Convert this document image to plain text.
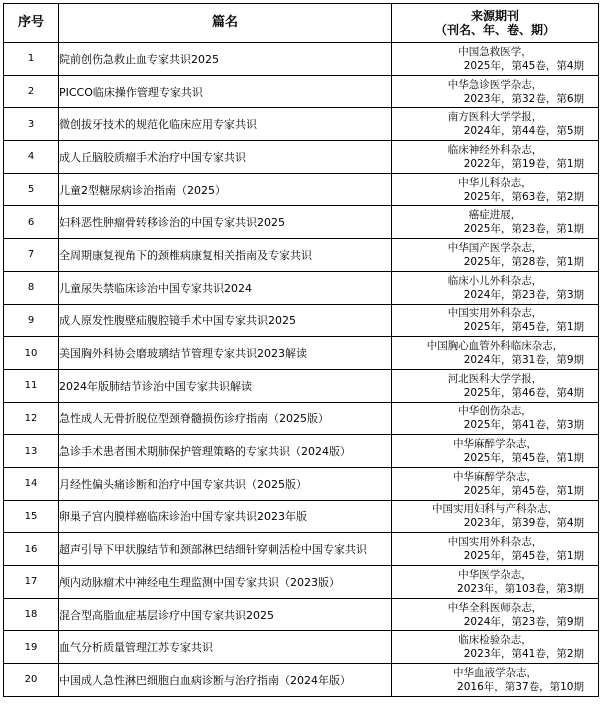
序号	篇名	来源期刊
（刊名、年、卷、期）

1	院前创伤急救止血专家共识2025	中国急救医学，
2025年，第45卷，第4期

2	PICCO临床操作管理专家共识	中华急诊医学杂志，
2023年，第32卷，第6期

3	微创拔牙技术的规范化临床应用专家共识	南方医科大学学报，
2024年，第44卷，第5期

4	成人丘脑胶质瘤手术治疗中国专家共识	临床神经外科杂志，
2022年，第19卷，第1期

5	儿童2型糖尿病诊治指南（2025）	中华儿科杂志，
2025年，第63卷，第2期

6	妇科恶性肿瘤骨转移诊治的中国专家共识2025	癌症进展，
2025年，第23卷，第1期

7	全周期康复视角下的颈椎病康复相关指南及专家共识	中华国产医学杂志，
2025年，第28卷，第1期

8	儿童尿失禁临床诊治中国专家共识2024	临床小儿外科杂志，
2024年，第23卷，第3期

9	成人原发性腹壁疝腹腔镜手术中国专家共识2025	中国实用外科杂志，
2025年，第45卷，第1期

10	美国胸外科协会磨玻璃结节管理专家共识2023解读	中国胸心血管外科临床杂志，
2024年，第31卷，第9期

11	2024年版肺结节诊治中国专家共识解读	河北医科大学学报，
2025年，第46卷，第4期

12	急性成人无骨折脱位型颈脊髓损伤诊疗指南（2025版）	中华创伤杂志，
2025年，第41卷，第3期

13	急诊手术患者围术期肺保护管理策略的专家共识（2024版）	中华麻醉学杂志，
2025年，第45卷，第1期

14	月经性偏头痛诊断和治疗中国专家共识（2025版）	中华麻醉学杂志，
2025年，第45卷，第1期

15	卵巢子宫内膜样癌临床诊治中国专家共识2023年版	中国实用妇科与产科杂志，
2023年，第39卷，第4期

16	超声引导下甲状腺结节和颈部淋巴结细针穿刺活检中国专家共识	中国实用外科杂志，
2025年，第45卷，第1期

17	颅内动脉瘤术中神经电生理监测中国专家共识（2023版）	中华医学杂志，
2023年，第103卷，第3期

18	混合型高脂血症基层诊疗中国专家共识2025	中华全科医师杂志，
2024年，第23卷，第9期

19	血气分析质量管理江苏专家共识	临床检验杂志，
2023年，第41卷，第2期

20	中国成人急性淋巴细胞白血病诊断与治疗指南（2024年版）	中华血液学杂志，
2016年，第37卷，第10期
